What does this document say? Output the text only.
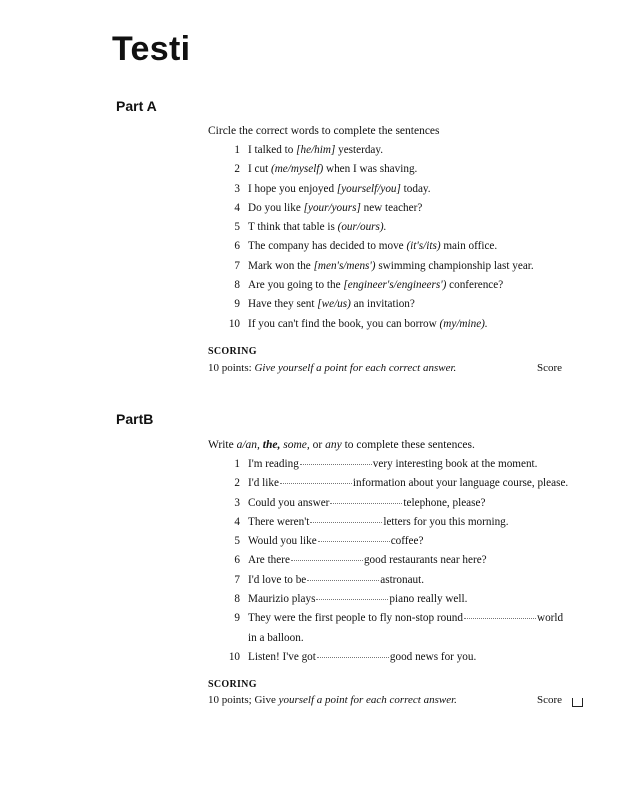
Testi
Part A
Circle the correct words to complete the sentences
1 I talked to [he/him] yesterday.
2 I cut (me/myself) when I was shaving.
3 I hope you enjoyed [yourself/you] today.
4 Do you like [your/yours] new teacher?
5 T think that table is (our/ours).
6 The company has decided to move (it's/its) main office.
7 Mark won the [men's/mens') swimming championship last year.
8 Are you going to the [engineer's/engineers') conference?
9 Have they sent [we/us) an invitation?
10 If you can't find the book, you can borrow (my/mine).
SCORING
10 points: Give yourself a point for each correct answer.	Score
PartB
Write a/an, the, some, or any to complete these sentences.
1 I'm reading	very interesting book at the moment.
2 I'd like	information about your language course, please.
3 Could you answer	telephone, please?
4 There weren't	letters for you this morning.
5 Would you like	coffee?
6 Are there	good restaurants near here?
7 I'd love to be	astronaut.
8 Maurizio plays	piano really well.
9 They were the first people to fly non-stop round	world
in a balloon.
10 Listen! I've got	good news for you.
SCORING
10 points; Give yourself a point for each correct answer.	Score
